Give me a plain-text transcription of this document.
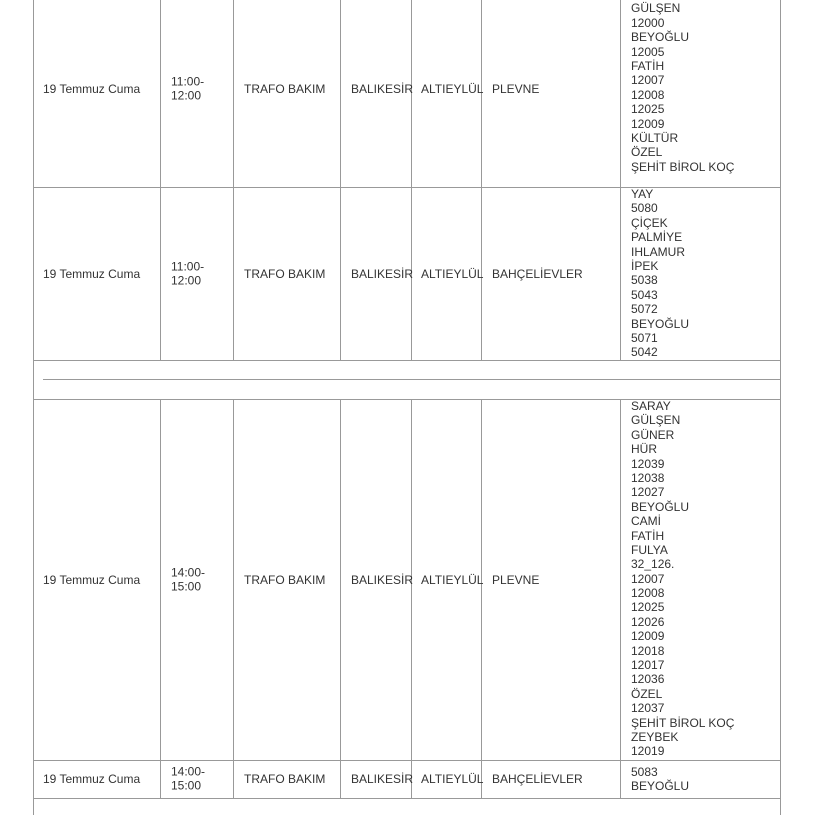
19 Temmuz Cuma
11:00-
12:00
TRAFO BAKIM BALIKESİR ALTIEYLÜL PLEVNE
GÜLŞEN
12000
BEYOĞLU
12005
FATİH
12007
12008
12025
12009
KÜLTÜR
ÖZEL
ŞEHİT BİROL KOÇ
19 Temmuz Cuma
11:00-
12:00
TRAFO BAKIM BALIKESİR ALTIEYLÜL BAHÇELİEVLER
YAY
5080
ÇİÇEK
PALMİYE
IHLAMUR
İPEK
5038
5043
5072
BEYOĞLU
5071
5042
19 Temmuz Cuma
14:00-
15:00
TRAFO BAKIM BALIKESİR ALTIEYLÜL PLEVNE
SARAY
GÜLŞEN
GÜNER
HÜR
12039
12038
12027
BEYOĞLU
CAMİ
FATİH
FULYA
32_126.
12007
12008
12025
12026
12009
12018
12017
12036
ÖZEL
12037
ŞEHİT BİROL KOÇ
ZEYBEK
12019
19 Temmuz Cuma
14:00-
15:00
TRAFO BAKIM BALIKESİR ALTIEYLÜL BAHÇELİEVLER	5083
BEYOĞLU
